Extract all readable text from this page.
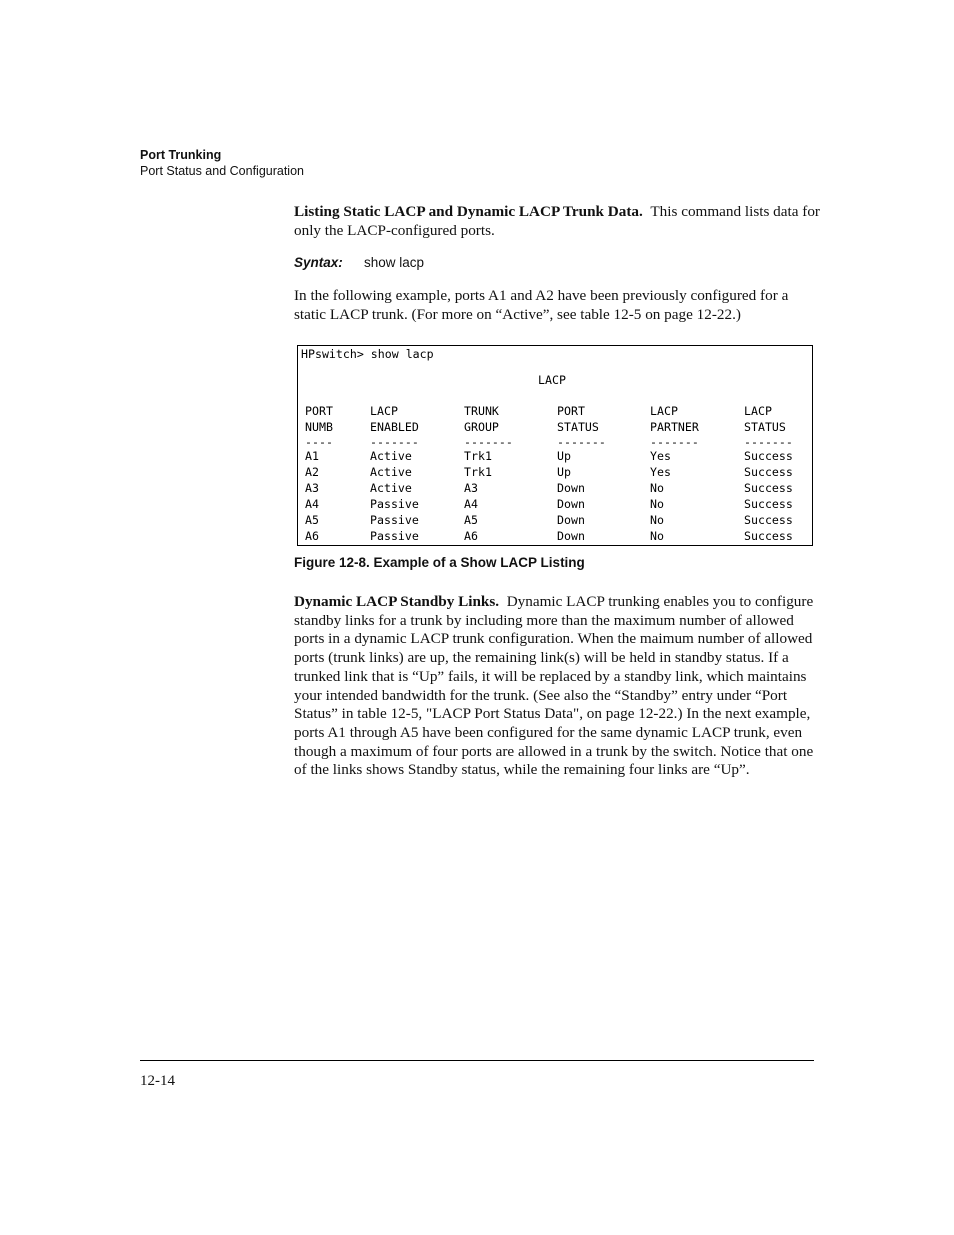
Port Trunking
Port Status and Configuration

Listing Static LACP and Dynamic LACP Trunk Data. This command lists data for only the LACP-configured ports.

Syntax: show lacp

In the following example, ports A1 and A2 have been previously configured for a static LACP trunk. (For more on “Active”, see table 12-5 on page 12-22.)

HPswitch> show lacp
LACP
PORT	LACP	TRUNK	PORT	LACP	LACP
NUMB	ENABLED	GROUP	STATUS	PARTNER	STATUS
----	-------	-------	-------	-------	-------
A1	Active	Trk1	Up	Yes	Success
A2	Active	Trk1	Up	Yes	Success
A3	Active	A3	Down	No	Success
A4	Passive	A4	Down	No	Success
A5	Passive	A5	Down	No	Success
A6	Passive	A6	Down	No	Success
Figure 12-8. Example of a Show LACP Listing

Dynamic LACP Standby Links. Dynamic LACP trunking enables you to configure standby links for a trunk by including more than the maximum number of allowed ports in a dynamic LACP trunk configuration. When the maimum number of allowed ports (trunk links) are up, the remaining link(s) will be held in standby status. If a trunked link that is “Up” fails, it will be replaced by a standby link, which maintains your intended bandwidth for the trunk. (See also the “Standby” entry under “Port Status” in table 12-5, "LACP Port Status Data", on page 12-22.) In the next example, ports A1 through A5 have been configured for the same dynamic LACP trunk, even though a maximum of four ports are allowed in a trunk by the switch. Notice that one of the links shows Standby status, while the remaining four links are “Up”.

12-14
